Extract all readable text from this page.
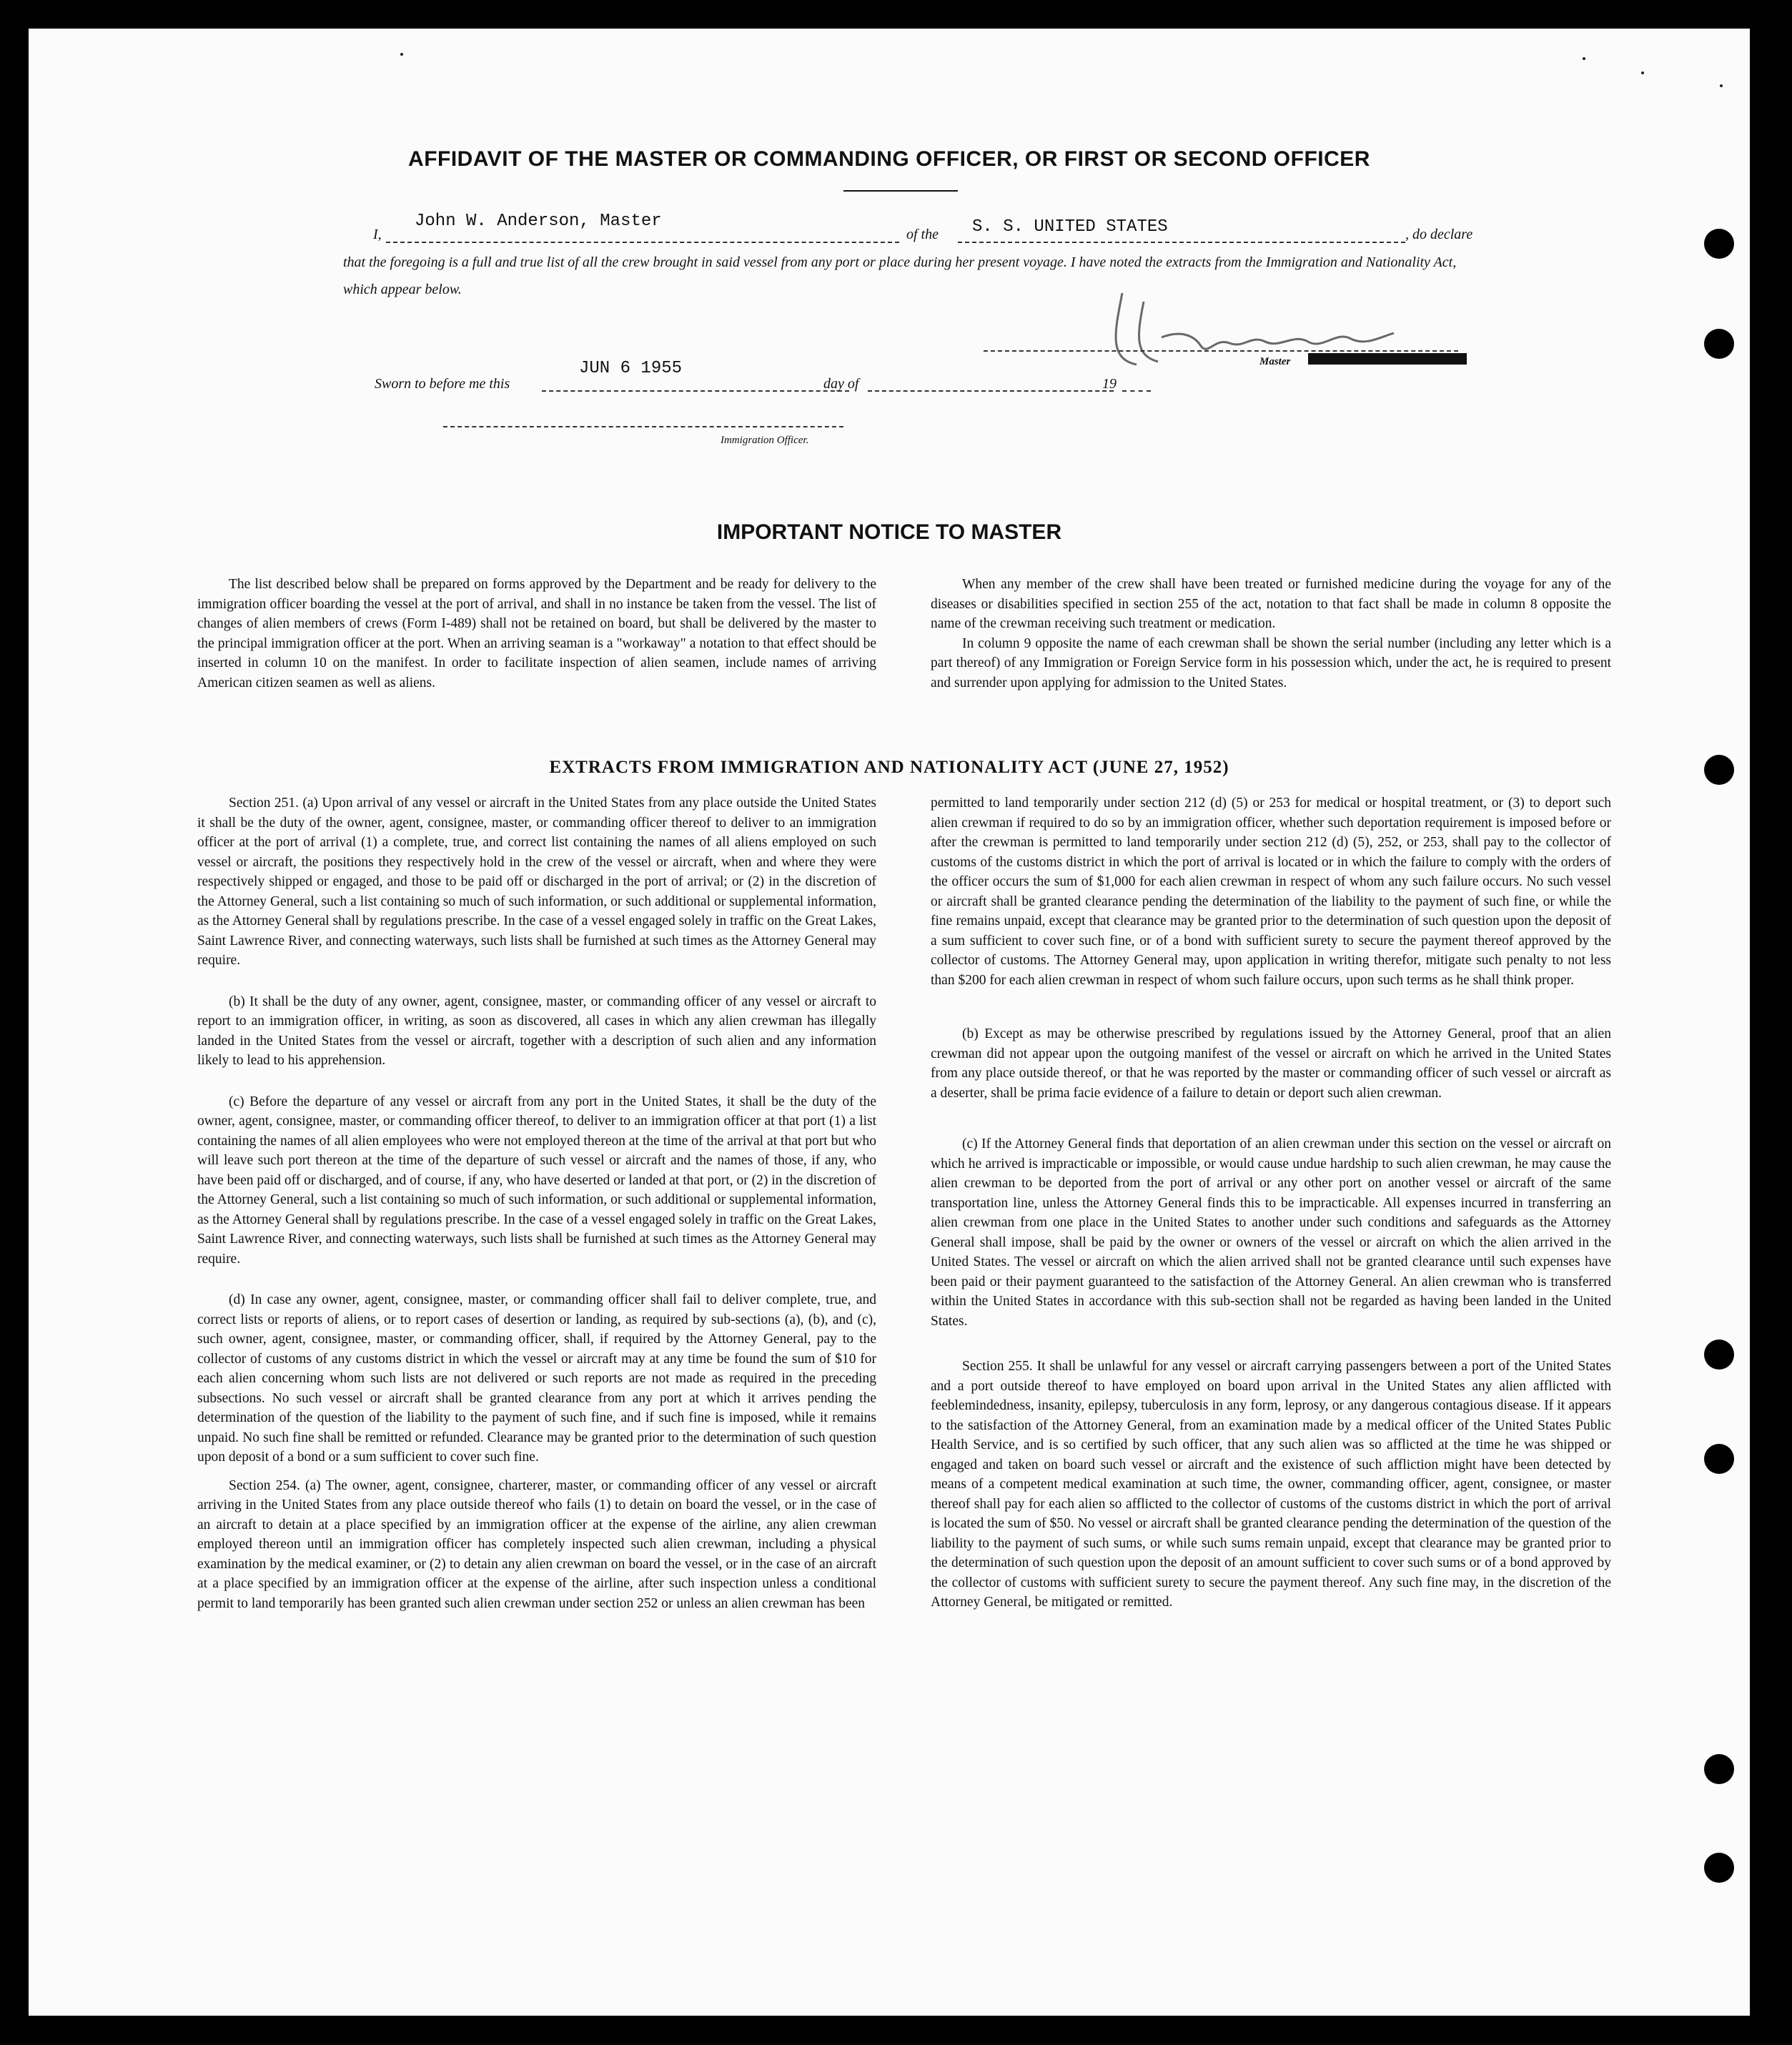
AFFIDAVIT OF THE MASTER OR COMMANDING OFFICER, OR FIRST OR SECOND OFFICER
I,
John W. Anderson, Master
of the S. S. UNITED STATES	, do declare
that the foregoing is a full and true list of all the crew brought in said vessel from any port or place during her present voyage. I have noted the extracts from the Immigration and Nationality Act, which appear below.
Master
Sworn to before me this
JUN 6 1955
day of	19
Immigration Officer.
IMPORTANT NOTICE TO MASTER

The list described below shall be prepared on forms approved by the Department and be ready for delivery to the immigration officer boarding the vessel at the port of arrival, and shall in no instance be taken from the vessel. The list of changes of alien members of crews (Form I-489) shall not be retained on board, but shall be delivered by the master to the principal immigration officer at the port. When an arriving seaman is a "workaway" a notation to that effect should be inserted in column 10 on the manifest. In order to facilitate inspection of alien seamen, include names of arriving American citizen seamen as well as aliens.

When any member of the crew shall have been treated or furnished medicine during the voyage for any of the diseases or disabilities specified in section 255 of the act, notation to that fact shall be made in column 8 opposite the name of the crewman receiving such treatment or medication.

In column 9 opposite the name of each crewman shall be shown the serial number (including any letter which is a part thereof) of any Immigration or Foreign Service form in his possession which, under the act, he is required to present and surrender upon applying for admission to the United States.

EXTRACTS FROM IMMIGRATION AND NATIONALITY ACT (JUNE 27, 1952)

Section 251. (a) Upon arrival of any vessel or aircraft in the United States from any place outside the United States it shall be the duty of the owner, agent, consignee, master, or commanding officer thereof to deliver to an immigration officer at the port of arrival (1) a complete, true, and correct list containing the names of all aliens employed on such vessel or aircraft, the positions they respectively hold in the crew of the vessel or aircraft, when and where they were respectively shipped or engaged, and those to be paid off or discharged in the port of arrival; or (2) in the discretion of the Attorney General, such a list containing so much of such information, or such additional or supplemental information, as the Attorney General shall by regulations prescribe. In the case of a vessel engaged solely in traffic on the Great Lakes, Saint Lawrence River, and connecting waterways, such lists shall be furnished at such times as the Attorney General may require.

(b) It shall be the duty of any owner, agent, consignee, master, or commanding officer of any vessel or aircraft to report to an immigration officer, in writing, as soon as discovered, all cases in which any alien crewman has illegally landed in the United States from the vessel or aircraft, together with a description of such alien and any information likely to lead to his apprehension.

(c) Before the departure of any vessel or aircraft from any port in the United States, it shall be the duty of the owner, agent, consignee, master, or commanding officer thereof, to deliver to an immigration officer at that port (1) a list containing the names of all alien employees who were not employed thereon at the time of the arrival at that port but who will leave such port thereon at the time of the departure of such vessel or aircraft and the names of those, if any, who have been paid off or discharged, and of course, if any, who have deserted or landed at that port, or (2) in the discretion of the Attorney General, such a list containing so much of such information, or such additional or supplemental information, as the Attorney General shall by regulations prescribe. In the case of a vessel engaged solely in traffic on the Great Lakes, Saint Lawrence River, and connecting waterways, such lists shall be furnished at such times as the Attorney General may require.

(d) In case any owner, agent, consignee, master, or commanding officer shall fail to deliver complete, true, and correct lists or reports of aliens, or to report cases of desertion or landing, as required by sub-sections (a), (b), and (c), such owner, agent, consignee, master, or commanding officer, shall, if required by the Attorney General, pay to the collector of customs of any customs district in which the vessel or aircraft may at any time be found the sum of $10 for each alien concerning whom such lists are not delivered or such reports are not made as required in the preceding subsections. No such vessel or aircraft shall be granted clearance from any port at which it arrives pending the determination of the question of the liability to the payment of such fine, and if such fine is imposed, while it remains unpaid. No such fine shall be remitted or refunded. Clearance may be granted prior to the determination of such question upon deposit of a bond or a sum sufficient to cover such fine.

Section 254. (a) The owner, agent, consignee, charterer, master, or commanding officer of any vessel or aircraft arriving in the United States from any place outside thereof who fails (1) to detain on board the vessel, or in the case of an aircraft to detain at a place specified by an immigration officer at the expense of the airline, any alien crewman employed thereon until an immigration officer has completely inspected such alien crewman, including a physical examination by the medical examiner, or (2) to detain any alien crewman on board the vessel, or in the case of an aircraft at a place specified by an immigration officer at the expense of the airline, after such inspection unless a conditional permit to land temporarily has been granted such alien crewman under section 252 or unless an alien crewman has been

permitted to land temporarily under section 212 (d) (5) or 253 for medical or hospital treatment, or (3) to deport such alien crewman if required to do so by an immigration officer, whether such deportation requirement is imposed before or after the crewman is permitted to land temporarily under section 212 (d) (5), 252, or 253, shall pay to the collector of customs of the customs district in which the port of arrival is located or in which the failure to comply with the orders of the officer occurs the sum of $1,000 for each alien crewman in respect of whom any such failure occurs. No such vessel or aircraft shall be granted clearance pending the determination of the liability to the payment of such fine, or while the fine remains unpaid, except that clearance may be granted prior to the determination of such question upon the deposit of a sum sufficient to cover such fine, or of a bond with sufficient surety to secure the payment thereof approved by the collector of customs. The Attorney General may, upon application in writing therefor, mitigate such penalty to not less than $200 for each alien crewman in respect of whom such failure occurs, upon such terms as he shall think proper.

(b) Except as may be otherwise prescribed by regulations issued by the Attorney General, proof that an alien crewman did not appear upon the outgoing manifest of the vessel or aircraft on which he arrived in the United States from any place outside thereof, or that he was reported by the master or commanding officer of such vessel or aircraft as a deserter, shall be prima facie evidence of a failure to detain or deport such alien crewman.

(c) If the Attorney General finds that deportation of an alien crewman under this section on the vessel or aircraft on which he arrived is impracticable or impossible, or would cause undue hardship to such alien crewman, he may cause the alien crewman to be deported from the port of arrival or any other port on another vessel or aircraft of the same transportation line, unless the Attorney General finds this to be impracticable. All expenses incurred in transferring an alien crewman from one place in the United States to another under such conditions and safeguards as the Attorney General shall impose, shall be paid by the owner or owners of the vessel or aircraft on which the alien arrived in the United States. The vessel or aircraft on which the alien arrived shall not be granted clearance until such expenses have been paid or their payment guaranteed to the satisfaction of the Attorney General. An alien crewman who is transferred within the United States in accordance with this sub-section shall not be regarded as having been landed in the United States.

Section 255. It shall be unlawful for any vessel or aircraft carrying passengers between a port of the United States and a port outside thereof to have employed on board upon arrival in the United States any alien afflicted with feeblemindedness, insanity, epilepsy, tuberculosis in any form, leprosy, or any dangerous contagious disease. If it appears to the satisfaction of the Attorney General, from an examination made by a medical officer of the United States Public Health Service, and is so certified by such officer, that any such alien was so afflicted at the time he was shipped or engaged and taken on board such vessel or aircraft and the existence of such affliction might have been detected by means of a competent medical examination at such time, the owner, commanding officer, agent, consignee, or master thereof shall pay for each alien so afflicted to the collector of customs of the customs district in which the port of arrival is located the sum of $50. No vessel or aircraft shall be granted clearance pending the determination of the question of the liability to the payment of such sums, or while such sums remain unpaid, except that clearance may be granted prior to the determination of such question upon the deposit of an amount sufficient to cover such sums or of a bond approved by the collector of customs with sufficient surety to secure the payment thereof. Any such fine may, in the discretion of the Attorney General, be mitigated or remitted.
